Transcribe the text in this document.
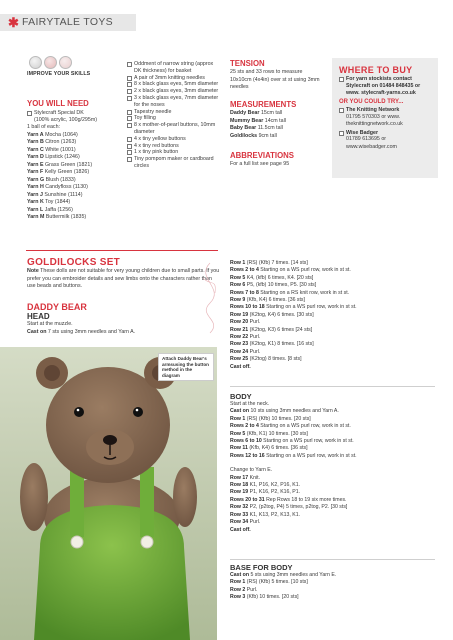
✱ FAIRYTALE TOYS
IMPROVE YOUR SKILLS
YOU WILL NEED
Stylecraft Special DK
(100% acrylic, 100g/295m)
1 ball of each:
Yarn A Mocha (1064)
Yarn B Citron (1263)
Yarn C White (1001)
Yarn D Lipstick (1246)
Yarn E Grass Green (1821)
Yarn F Kelly Green (1826)
Yarn G Blush (1833)
Yarn H Candyfloss (1130)
Yarn J Sunshine (1114)
Yarn K Toy (1844)
Yarn L Jaffa (1256)
Yarn M Buttermilk (1835)
Oddment of narrow string (approx DK thickness) for basket
A pair of 3mm knitting needles
8 x black glass eyes, 5mm diameter
2 x black glass eyes, 3mm diameter
3 x black glass eyes, 7mm diameter for the noses
Tapestry needle
Toy filling
8 x mother-of-pearl buttons, 10mm diameter
4 x tiny yellow buttons
4 x tiny red buttons
1 x tiny pink button
Tiny pompom maker or cardboard circles
TENSION
25 sts and 33 rows to measure 10x10cm (4x4in) over st st using 3mm needles
MEASUREMENTS
Daddy Bear 15cm tall
Mummy Bear 14cm tall
Baby Bear 11.5cm tall
Goldilocks 9cm tall
ABBREVIATIONS
For a full list see page 95
WHERE TO BUY
For yarn stockists contact Stylecraft on 01484 848435 or www. stylecraft-yarns.co.uk
OR YOU COULD TRY...
The Knitting Network
01795 570303 or www. theknittingnetwork.co.uk
Wise Badger
01789 613695 or www.wisebadger.com
GOLDILOCKS SET
Note These dolls are not suitable for very young children due to small parts. If you prefer you can embroider details and sew limbs onto the characters rather than use beads and buttons.
DADDY BEAR
HEAD
Start at the muzzle.
Cast on 7 sts using 3mm needles and Yarn A.
Attach Daddy Bear's armsusing the button method in the diagram
Row 1 (RS) (Kfb) 7 times. [14 sts]
Rows 2 to 4 Starting on a WS purl row, work in st st.
Row 5 K4, (kfb) 6 times, K4. [20 sts]
Row 6 P5, (kfb) 10 times, P5. [30 sts]
Rows 7 to 8 Starting on a RS knit row, work in st st.
Row 9 (Kfb, K4) 6 times. [36 sts]
Rows 10 to 18 Starting on a WS purl row, work in st st.
Row 19 (K2tog, K4) 6 times. [30 sts]
Row 20 Purl.
Row 21 (K2tog, K3) 6 times [24 sts]
Row 22 Purl.
Row 23 (K2tog, K1) 8 times. [16 sts]
Row 24 Purl.
Row 25 (K2tog) 8 times. [8 sts]
Cast off.
BODY
Start at the neck.
Cast on 10 sts using 3mm needles and Yarn A.
Row 1 (RS) (Kfb) 10 times. [20 sts]
Rows 2 to 4 Starting on a WS purl row, work in st st.
Row 5 (Kfb, K1) 10 times. [30 sts]
Rows 6 to 10 Starting on a WS purl row, work in st st.
Row 11 (Kfb, K4) 6 times. [36 sts]
Rows 12 to 16 Starting on a WS purl row, work in st st.
Change to Yarn E.
Row 17 Knit.
Row 18 K1, P16, K2, P16, K1.
Row 19 P1, K16, P2, K16, P1.
Rows 20 to 31 Rep Rows 18 to 19 six more times.
Row 32 P2, (p2tog, P4) 5 times, p2tog, P2. [30 sts]
Row 33 K1, K13, P2, K13, K1.
Row 34 Purl.
Cast off.
BASE FOR BODY
Cast on 5 sts using 3mm needles and Yarn E.
Row 1 (RS) (Kfb) 5 times. [10 sts]
Row 2 Purl.
Row 3 (Kfb) 10 times. [20 sts]
